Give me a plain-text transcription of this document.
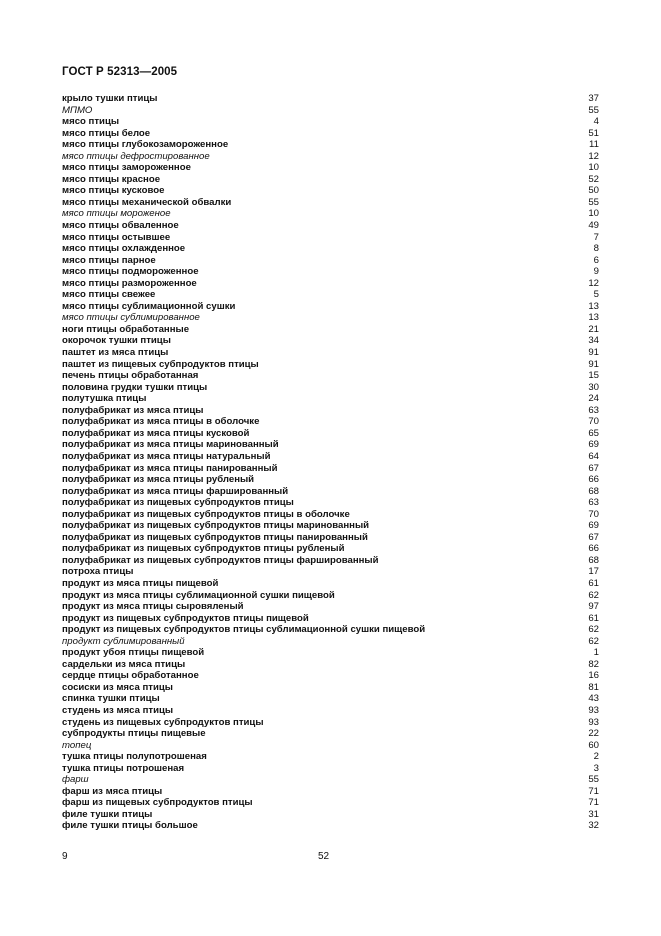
ГОСТ Р 52313—2005
крыло тушки птицы	37
МПМО	55
мясо птицы	4
мясо птицы белое	51
мясо птицы глубокозамороженное	11
мясо птицы дефростированное	12
мясо птицы замороженное	10
мясо птицы красное	52
мясо птицы кусковое	50
мясо птицы механической обвалки	55
мясо птицы мороженое	10
мясо птицы обваленное	49
мясо птицы остывшее	7
мясо птицы охлажденное	8
мясо птицы парное	6
мясо птицы подмороженное	9
мясо птицы размороженное	12
мясо птицы свежее	5
мясо птицы сублимационной сушки	13
мясо птицы сублимированное	13
ноги птицы обработанные	21
окорочок тушки птицы	34
паштет из мяса птицы	91
паштет из пищевых субпродуктов птицы	91
печень птицы обработанная	15
половина грудки тушки птицы	30
полутушка птицы	24
полуфабрикат из мяса птицы	63
полуфабрикат из мяса птицы в оболочке	70
полуфабрикат из мяса птицы кусковой	65
полуфабрикат из мяса птицы маринованный	69
полуфабрикат из мяса птицы натуральный	64
полуфабрикат из мяса птицы панированный	67
полуфабрикат из мяса птицы рубленый	66
полуфабрикат из мяса птицы фаршированный	68
полуфабрикат из пищевых субпродуктов птицы	63
полуфабрикат из пищевых субпродуктов птицы в оболочке	70
полуфабрикат из пищевых субпродуктов птицы маринованный	69
полуфабрикат из пищевых субпродуктов птицы панированный	67
полуфабрикат из пищевых субпродуктов птицы рубленый	66
полуфабрикат из пищевых субпродуктов птицы фаршированный	68
потроха птицы	17
продукт из мяса птицы пищевой	61
продукт из мяса птицы сублимационной сушки пищевой	62
продукт из мяса птицы сыровяленый	97
продукт из пищевых субпродуктов птицы пищевой	61
продукт из пищевых субпродуктов птицы сублимационной сушки пищевой	62
продукт сублимированный	62
продукт убоя птицы пищевой	1
сардельки из мяса птицы	82
сердце птицы обработанное	16
сосиски из мяса птицы	81
спинка тушки птицы	43
студень из мяса птицы	93
студень из пищевых субпродуктов птицы	93
субпродукты птицы пищевые	22
топец	60
тушка птицы полупотрошеная	2
тушка птицы потрошеная	3
фарш	55
фарш из мяса птицы	71
фарш из пищевых субпродуктов птицы	71
филе тушки птицы	31
филе тушки птицы большое	32
9	52
